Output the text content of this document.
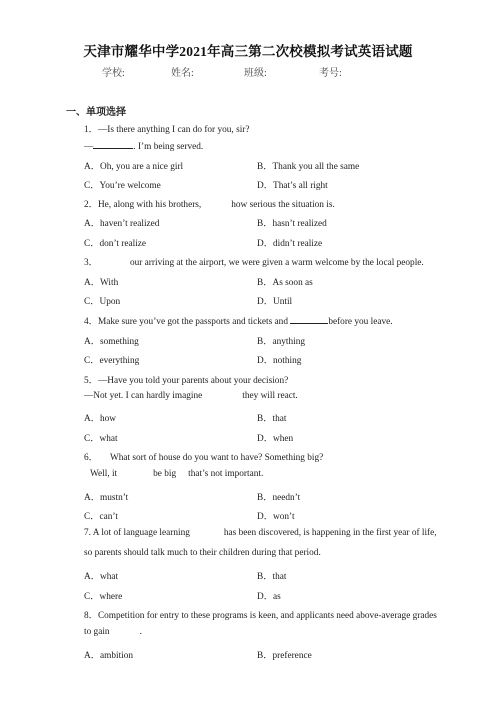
天津市耀华中学2021年高三第二次校模拟考试英语试题
学校:	姓名:	班级:	考号:
一、单项选择
1．—Is there anything I can do for you, sir?
—	. I’m being served.
A．Oh, you are a nice girl	B．Thank you all the same
C．You’re welcome	D．That’s all right
2．He, along with his brothers,	how serious the situation is.
A．haven’t realized	B．hasn’t realized
C．don’t realize	D．didn’t realize
3．	our arriving at the airport, we were given a warm welcome by the local people.
A．With	B．As soon as
C．Upon	D．Until
4．Make sure you’ve got the passports and tickets and	before you leave.
A．something	B．anything
C．everything	D．nothing
5．—Have you told your parents about your decision?
—Not yet. I can hardly imagine	they will react.
A．how	B．that
C．what	D．when
6． What sort of house do you want to have? Something big?
Well, it	be big that’s not important.
A．mustn’t	B．needn’t
C．can’t	D．won’t
7. A lot of language learning	has been discovered, is happening in the first year of life,
so parents should talk much to their children during that period.
A．what	B．that
C．where	D．as
8．Competition for entry to these programs is keen, and applicants need above-average grades
to gain	.
A．ambition	B．preference
